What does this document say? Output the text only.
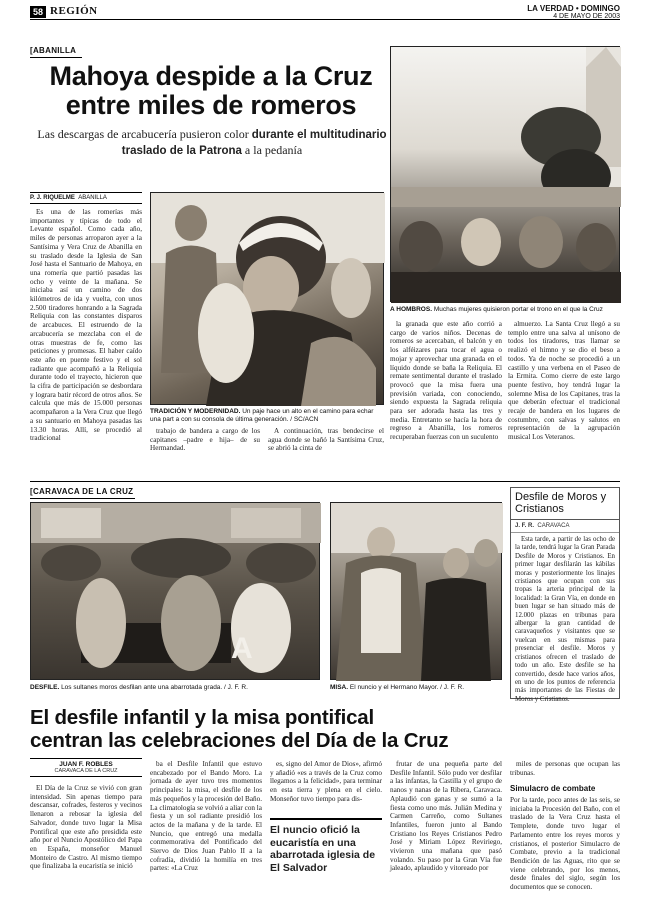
58 REGIÓN	LA VERDAD • DOMINGO
4 DE MAYO DE 2003
[ABANILLA
Mahoya despide a la Cruz
entre miles de romeros
Las descargas de arcabucería pusieron color durante el multitudinario traslado de la Patrona a la pedanía
P. J. RIQUELME ABANILLA

Es una de las romerías más importantes y típicas de todo el Levante español. Como cada año, miles de personas arroparon ayer a la Santísima y Vera Cruz de Abanilla en su traslado desde la Iglesia de San José hasta el Santuario de Mahoya, en una romería que partió pasadas las ocho y veinte de la mañana. Se iniciaba así un camino de dos kilómetros de ida y vuelta, con unos 2.500 tiradores honrando a la Sagrada Reliquia con las constantes disparos de arcabuces. El estruendo de la arcabucería se mezclaba con el de otras muestras de fe, como las peticiones y promesas. El haber caído este año en puente festivo y el sol radiante que acompañó a la Reliquia durante todo el trayecto, hicieron que la cifra de participación se desbordara y lograra batir récord de otros años. Se calcula que más de 15.000 personas acompañaron a la Vera Cruz que llegó a su santuario en Mahoya pasadas las 13.30 horas. Allí, se procedió al tradicional

TRADICIÓN Y MODERNIDAD. Un paje hace un alto en el camino para echar una part a con su consola de última generación. / SC/ACN
A HOMBROS. Muchas mujeres quisieron portar el trono en el que la Cruz

trabajo de bandera a cargo de los capitanes –padre e hija– de su Hermandad.

A continuación, tras bendecirse el agua donde se bañó la Santísima Cruz, se abrió la cinta de

la granada que este año corrió a cargo de varios niños. Decenas de romeros se acercaban, el balcón y en los alféizares para tocar el agua o mojar y aprovechar una granada en el líquido donde se baña la Reliquia. El remate sentimental durante el traslado provocó que la misa fuera una previsión variada, con conociendo, siendo expuesta la Sagrada reliquia para ser adorada hasta las tres y media. Entretanto se hacía la hora de regreso a Abanilla, los romeros recuperaban fuerzas con un suculento

almuerzo. La Santa Cruz llegó a su templo entre una salva al unísono de todos los tiradores, tras llamar se realizó el himno y se dio el beso a todos. Ya de noche se procedió a un castillo y una verbena en el Paseo de la Ermita. Como cierre de este largo puente festivo, hoy tendrá lugar la solemne Misa de los Capitanes, tras la que deberán efectuar el tradicional recaje de bandera en los lugares de costumbre, con salvas y salutos en representación de la agrupación musical Los Veteranos.

[CARAVACA DE LA CRUZ
A
DESFILE. Los sultanes moros desfilan ante una abarrotada grada. / J. F. R.	MISA. El nuncio y el Hermano Mayor. / J. F. R.
Desfile de Moros y Cristianos
J. F. R. CARAVACA

Esta tarde, a partir de las ocho de la tarde, tendrá lugar la Gran Parada Desfile de Moros y Cristianos. En primer lugar desfilarán las kábilas moras y posteriormente los linajes cristianos que ocupan con sus tropas la arteria principal de la localidad: la Gran Vía, en donde en buen lugar se han situado más de 12.000 plazas en tribunas para albergar la gran cantidad de caravaqueños y visitantes que se vuelcan en sus mismas para presenciar el desfile. Moros y cristianos ofrecen el traslado de todo un año. Este desfile se ha convertido, desde hace varios años, en uno de los puntos de referencia más importantes de las Fiestas de Moros y Cristianos.

El desfile infantil y la misa pontifical
centran las celebraciones del Día de la Cruz
JUAN F. ROBLES
CARAVACA DE LA CRUZ

El Día de la Cruz se vivió con gran intensidad. Sin apenas tiempo para descansar, cofrades, festeros y vecinos llenaron a rebosar la iglesia del Salvador, donde tuvo lugar la Misa Pontifical que este año presidida este año por el Nuncio Apostólico del Papa en España, monseñor Manuel Monteiro de Castro. Al mismo tiempo que finalizaba la eucaristía se inició

ba el Desfile Infantil que estuvo encabezado por el Bando Moro. La jornada de ayer tuvo tres momentos principales: la misa, el desfile de los más pequeños y la procesión del Baño. La climatología se volvió a aliar con la fiesta y un sol radiante presidió los actos de la mañana y de la tarde. El Nuncio, que entregó una medalla conmemorativa del Pontificado del Siervo de Dios Juan Pablo II a la cofradía, dividió la homilía en tres partes: «La Cruz

es, signo del Amor de Dios», afirmó y añadió «es a través de la Cruz como llegamos a la felicidad», para terminar en esta tierra y plena en el cielo. Monseñor tuvo tiempo para dis-

El nuncio ofició la eucaristía en una abarrotada iglesia de El Salvador

frutar de una pequeña parte del Desfile Infantil. Sólo pudo ver desfilar a las infantas, la Castilla y el grupo de nanos y nanas de la Ribera, Caravaca. Aplaudió con ganas y se sumó a la fiesta como uno más. Julián Medina y Carmen Carreño, como Sultanes Infantiles, fueron junto al Bando Cristiano los Reyes Cristianos Pedro José y Miriam López Reviriego, vivieron una mañana que pasó volando. Su paso por la Gran Vía fue jaleado, aplaudido y vitoreado por

miles de personas que ocupan las tribunas.

Simulacro de combate

Por la tarde, poco antes de las seis, se iniciaba la Procesión del Baño, con el traslado de la Vera Cruz hasta el Templete, donde tuvo lugar el Parlamento entre los reyes moros y cristianos, el posterior Simulacro de Combate, previo a la tradicional Bendición de las Aguas, rito que se viene celebrando, por los menos, desde finales del siglo, según los documentos que se conocen.
